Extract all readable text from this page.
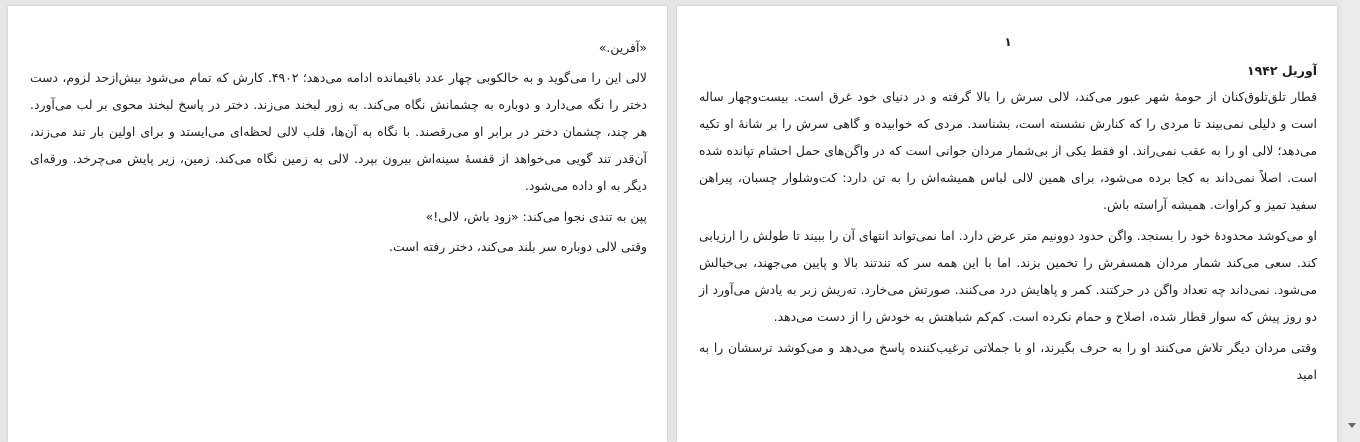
«آفرین.»

لالی این را می‌گوید و به خالکوبی چهار عدد باقیمانده ادامه می‌دهد؛ ۴۹۰۲. کارش که تمام می‌شود بیش‌ازحد لزوم، دست دختر را نگه می‌دارد و دوباره به چشمانش نگاه می‌کند. به زور لبخند می‌زند. دختر در پاسخ لبخند محوی بر لب می‌آورد. هر چند، چشمان دختر در برابر او می‌رقصند. با نگاه به آن‌ها، قلب لالی لحظه‌ای می‌ایستد و برای اولین بار تند می‌زند، آن‌قدر تند گویی می‌خواهد از قفسهٔ سینه‌اش بیرون بپرد. لالی به زمین نگاه می‌کند. زمین، زیر پایش می‌چرخد. ورقه‌ای دیگر به او داده می‌شود.

پپن به تندی نجوا می‌کند: «زود باش، لالی!»

وقتی لالی دوباره سر بلند می‌کند، دختر رفته است.

۱
آوریل ۱۹۴۲

قطار تلق‌تلوق‌کنان از حومهٔ شهر عبور می‌کند، لالی سرش را بالا گرفته و در دنیای خود غرق است. بیست‌وچهار ساله است و دلیلی نمی‌بیند تا مردی را که کنارش نشسته است، بشناسد. مردی که خوابیده و گاهی سرش را بر شانهٔ او تکیه می‌دهد؛ لالی او را به عقب نمی‌راند. او فقط یکی از بی‌شمار مردان جوانی است که در واگن‌های حمل احشام تپانده شده است. اصلاً نمی‌داند به کجا برده می‌شود، برای همین لالی لباس همیشه‌اش را به تن دارد: کت‌وشلوار چسبان، پیراهن سفید تمیز و کراوات. همیشه آراسته باش.

او می‌کوشد محدودهٔ خود را بسنجد. واگن حدود دوونیم متر عرض دارد. اما نمی‌تواند انتهای آن را ببیند تا طولش را ارزیابی کند. سعی می‌کند شمار مردان همسفرش را تخمین بزند. اما با این همه سر که تندتند بالا و پایین می‌جهند، بی‌خیالش می‌شود. نمی‌داند چه تعداد واگن در حرکتند. کمر و پاهایش درد می‌کنند. صورتش می‌خارد. ته‌ریش زبر به یادش می‌آورد از دو روز پیش که سوار قطار شده، اصلاح و حمام نکرده است. کم‌کم شباهتش به خودش را از دست می‌دهد.

وقتی مردان دیگر تلاش می‌کنند او را به حرف بگیرند، او با جملاتی ترغیب‌کننده پاسخ می‌دهد و می‌کوشد ترسشان را به امید
